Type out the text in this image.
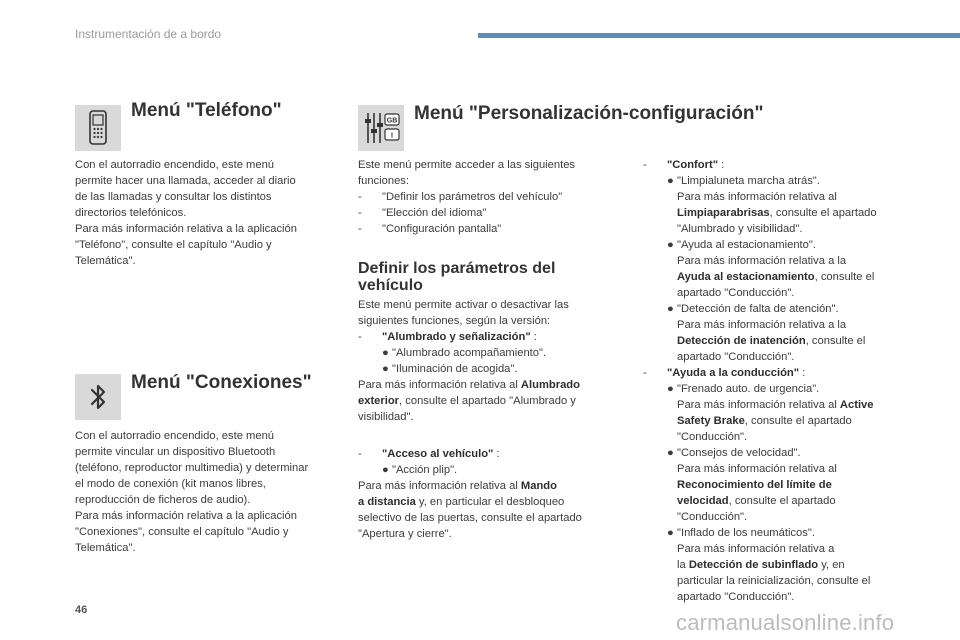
Instrumentación de a bordo
Menú "Teléfono"

Con el autorradio encendido, este menú

permite hacer una llamada, acceder al diario

de las llamadas y consultar los distintos

directorios telefónicos.

Para más información relativa a la aplicación

"Teléfono", consulte el capítulo "Audio y

Telemática".

Menú "Conexiones"

Con el autorradio encendido, este menú

permite vincular un dispositivo Bluetooth

(teléfono, reproductor multimedia) y determinar

el modo de conexión (kit manos libres,

reproducción de ficheros de audio).

Para más información relativa a la aplicación

"Conexiones", consulte el capítulo "Audio y

Telemática".

GB
I
Menú "Personalización-configuración"

Este menú permite acceder a las siguientes

funciones:

- "Definir los parámetros del vehículo"

- "Elección del idioma"

- "Configuración pantalla"

Definir los parámetros del
vehículo

Este menú permite activar o desactivar las

siguientes funciones, según la versión:

- "Alumbrado y señalización" :

● "Alumbrado acompañamiento".

● "Iluminación de acogida".

Para más información relativa al Alumbrado

exterior, consulte el apartado "Alumbrado y

visibilidad".

- "Acceso al vehículo" :

● "Acción plip".

Para más información relativa al Mando

a distancia y, en particular el desbloqueo

selectivo de las puertas, consulte el apartado

"Apertura y cierre".

- "Confort" :

● "Limpialuneta marcha atrás".

Para más información relativa al

Limpiaparabrisas, consulte el apartado

"Alumbrado y visibilidad".

● "Ayuda al estacionamiento".

Para más información relativa a la

Ayuda al estacionamiento, consulte el

apartado "Conducción".

● "Detección de falta de atención".

Para más información relativa a la

Detección de inatención, consulte el

apartado "Conducción".

- "Ayuda a la conducción" :

● "Frenado auto. de urgencia".

Para más información relativa al Active

Safety Brake, consulte el apartado

"Conducción".

● "Consejos de velocidad".

Para más información relativa al

Reconocimiento del límite de

velocidad, consulte el apartado

"Conducción".

● "Inflado de los neumáticos".

Para más información relativa a

la Detección de subinflado y, en

particular la reinicialización, consulte el

apartado "Conducción".

46	carmanualsonline.info
